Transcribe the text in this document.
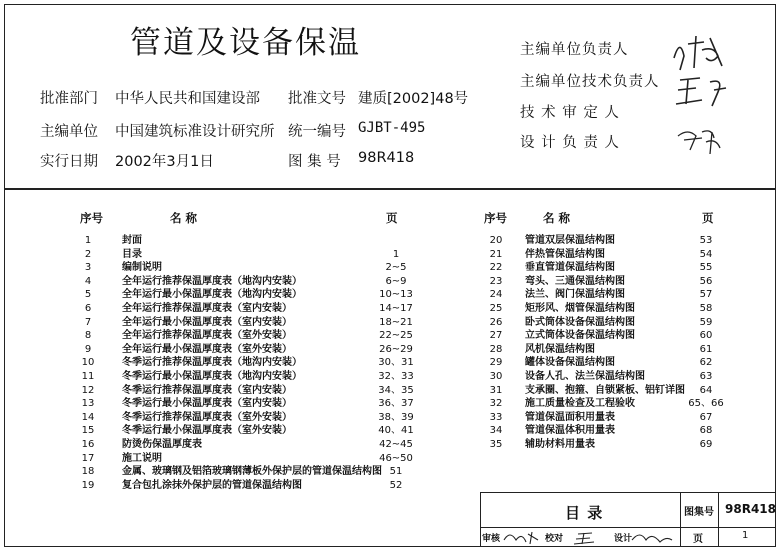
管道及设备保温
批准部门 中华人民共和国建设部 批准文号 建质[2002]48号
主编单位 中国建筑标准设计研究所 统一编号 GJBT-495
实行日期 2002年3月1日	图 集 号 98R418
主编单位负责人
主编单位技术负责人
技 术 审 定 人
设 计 负 责 人
序号	名 称	页	序号	名 称	页
1	封面
2	目录	1
3	编制说明	2~5
4	全年运行推荐保温厚度表（地沟内安装）	6~9
5	全年运行最小保温厚度表（地沟内安装）	10~13
6	全年运行推荐保温厚度表（室内安装）	14~17
7	全年运行最小保温厚度表（室内安装）	18~21
8	全年运行推荐保温厚度表（室外安装）	22~25
9	全年运行最小保温厚度表（室外安装）	26~29
10	冬季运行推荐保温厚度表（地沟内安装）	30、31
11	冬季运行最小保温厚度表（地沟内安装）	32、33
12	冬季运行推荐保温厚度表（室内安装）	34、35
13	冬季运行最小保温厚度表（室内安装）	36、37
14	冬季运行推荐保温厚度表（室外安装）	38、39
15	冬季运行最小保温厚度表（室外安装）	40、41
16	防烫伤保温厚度表	42~45
17	施工说明	46~50
18	金属、玻璃钢及铝箔玻璃钢薄板外保护层的管道保温结构图 51
19	复合包扎涂抹外保护层的管道保温结构图	52
20	管道双层保温结构图	53
21	伴热管保温结构图	54
22	垂直管道保温结构图	55
23	弯头、三通保温结构图	56
24	法兰、阀门保温结构图	57
25	矩形风、烟管保温结构图	58
26	卧式筒体设备保温结构图	59
27	立式筒体设备保温结构图	60
28	风机保温结构图	61
29	罐体设备保温结构图	62
30	设备人孔、法兰保温结构图	63
31	支承圈、抱箍、自锁紧板、铝钉详图	64
32	施工质量检查及工程验收	65、66
33	管道保温面积用量表	67
34	管道保温体积用量表	68
35	辅助材料用量表	69
目 录	图集号 98R418
审核	校对	设计	页	1
